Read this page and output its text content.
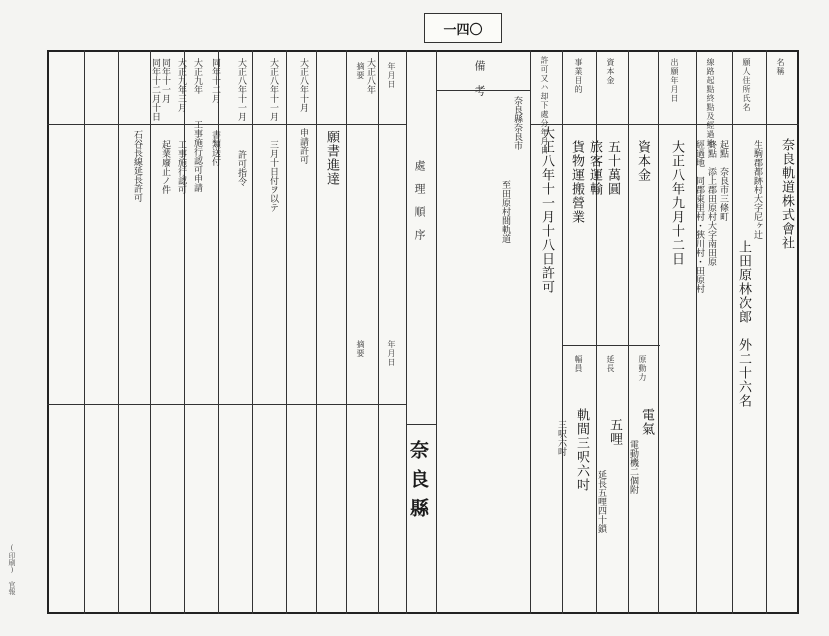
一四〇
名稱
願人住所氏名
線路起點終點及經過地
出願年月日
資本金
事業目的
許可又ハ却下處分年月日
備考
原動力
延長
幅員
年月日
摘要
處理順序
年月日
摘要
奈良縣
奈良軌道株式會社
生駒郡都跡村大字尼ヶ辻
上田原林次郎　外二十六名
起點　奈良市三條町
終點　添上郡田原村大字南田原
經過地　同郡東里村・狹川村・田原村
大正八年九月十二日
資本金
五十萬圓
旅客運輸
貨物運搬營業
大正八年十一月十八日許可
奈良縣奈良市
至田原村間軌道
電氣
電動機二個附
五哩
延長五哩四十鎖
軌間三呎六吋
三呎六吋
大正八年
願書進達
大正八年十月
申請許可
大正八年十一月
三月十日付ヲ以テ
大正八年十一月
許可指令
同年十二月
書類送付
大正九年
工事施行認可申請
大正九年三月
工事施行認可
同年十一月
起業廢止ノ件
同年十二月十日
石谷長線延長許可
(印刷)　官報
